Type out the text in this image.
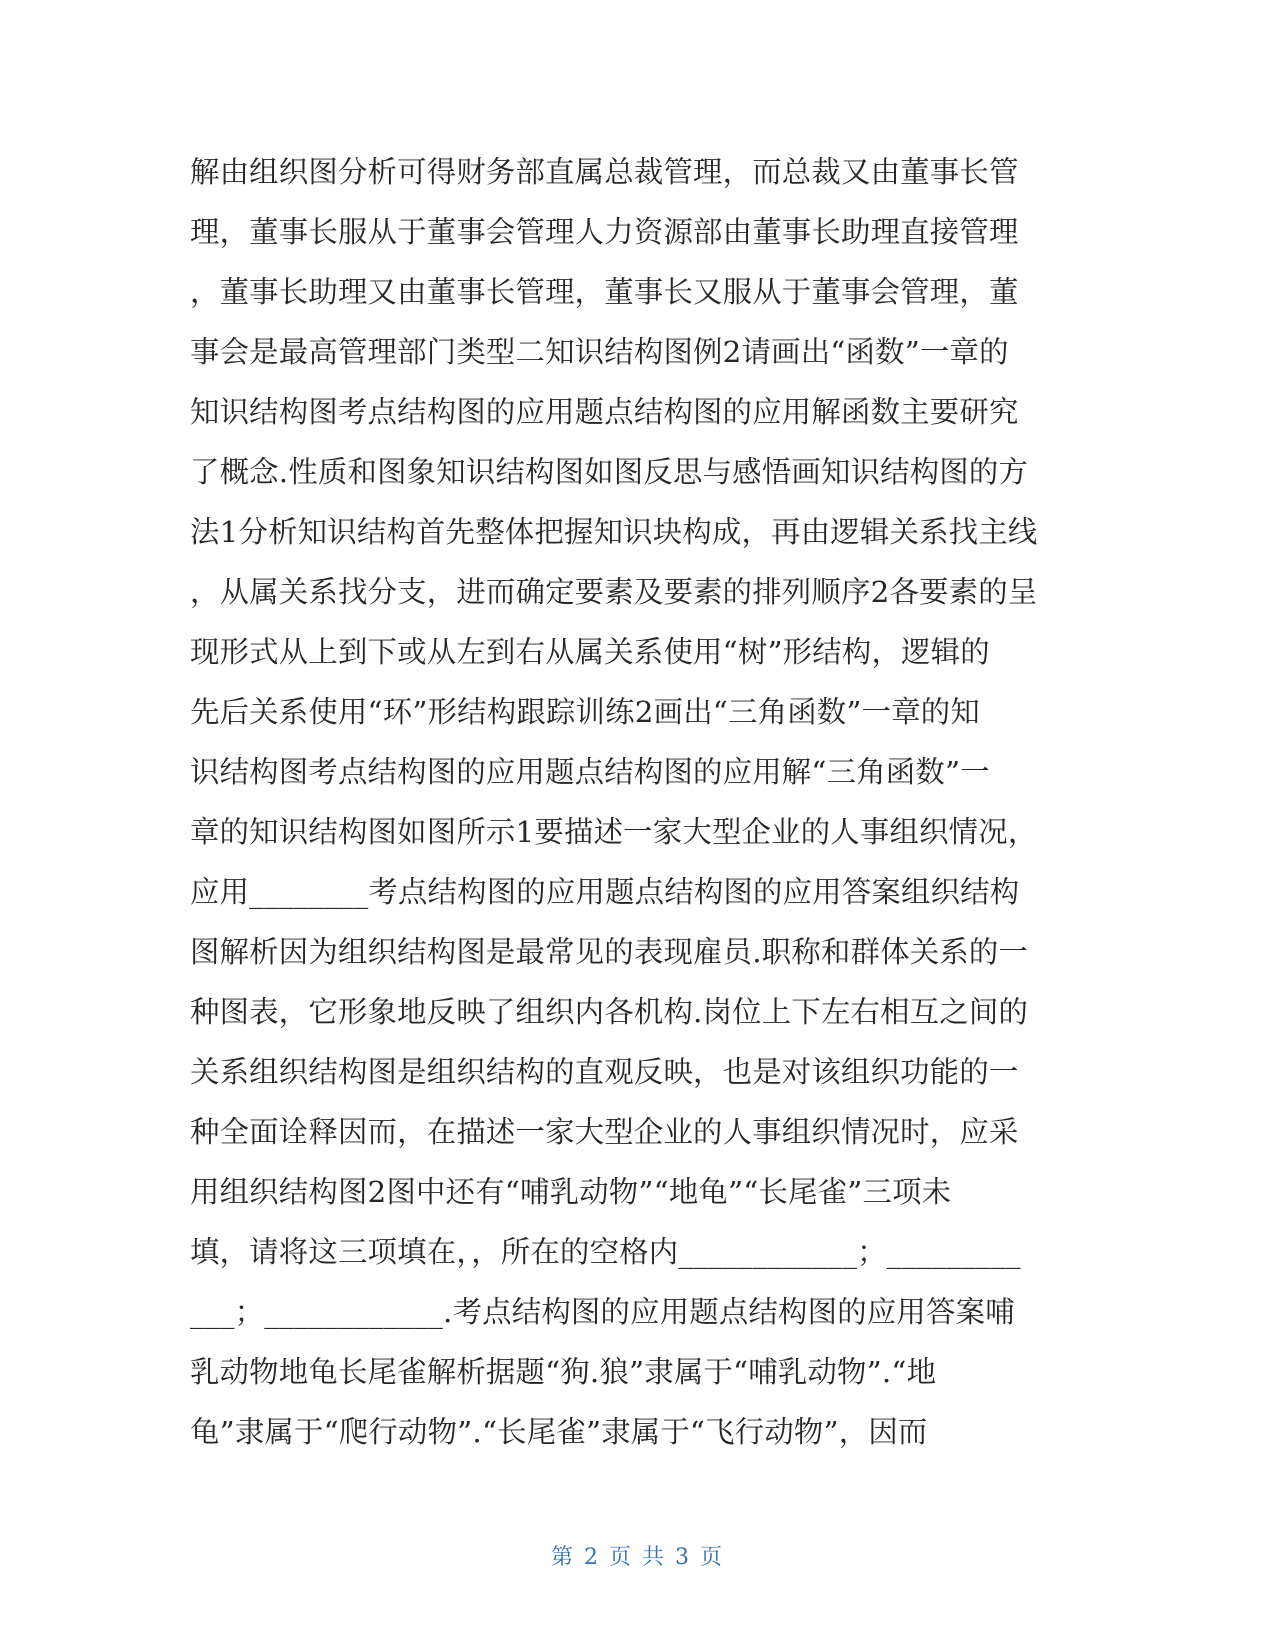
解由组织图分析可得财务部直属总裁管理，而总裁又由董事长管
理，董事长服从于董事会管理人力资源部由董事长助理直接管理
，董事长助理又由董事长管理，董事长又服从于董事会管理，董
事会是最高管理部门类型二知识结构图例2请画出“函数”一章的
知识结构图考点结构图的应用题点结构图的应用解函数主要研究
了概念.性质和图象知识结构图如图反思与感悟画知识结构图的方
法1分析知识结构首先整体把握知识块构成，再由逻辑关系找主线
，从属关系找分支，进而确定要素及要素的排列顺序2各要素的呈
现形式从上到下或从左到右从属关系使用“树”形结构，逻辑的
先后关系使用“环”形结构跟踪训练2画出“三角函数”一章的知
识结构图考点结构图的应用题点结构图的应用解“三角函数”一
章的知识结构图如图所示1要描述一家大型企业的人事组织情况，
应用________考点结构图的应用题点结构图的应用答案组织结构
图解析因为组织结构图是最常见的表现雇员.职称和群体关系的一
种图表，它形象地反映了组织内各机构.岗位上下左右相互之间的
关系组织结构图是组织结构的直观反映，也是对该组织功能的一
种全面诠释因而，在描述一家大型企业的人事组织情况时，应采
用组织结构图2图中还有“哺乳动物”“地龟”“长尾雀”三项未
填，请将这三项填在，，所在的空格内____________；_________
___；____________.考点结构图的应用题点结构图的应用答案哺
乳动物地龟长尾雀解析据题“狗.狼”隶属于“哺乳动物”.“地
龟”隶属于“爬行动物”.“长尾雀”隶属于“飞行动物”，因而
第 2 页 共 3 页
